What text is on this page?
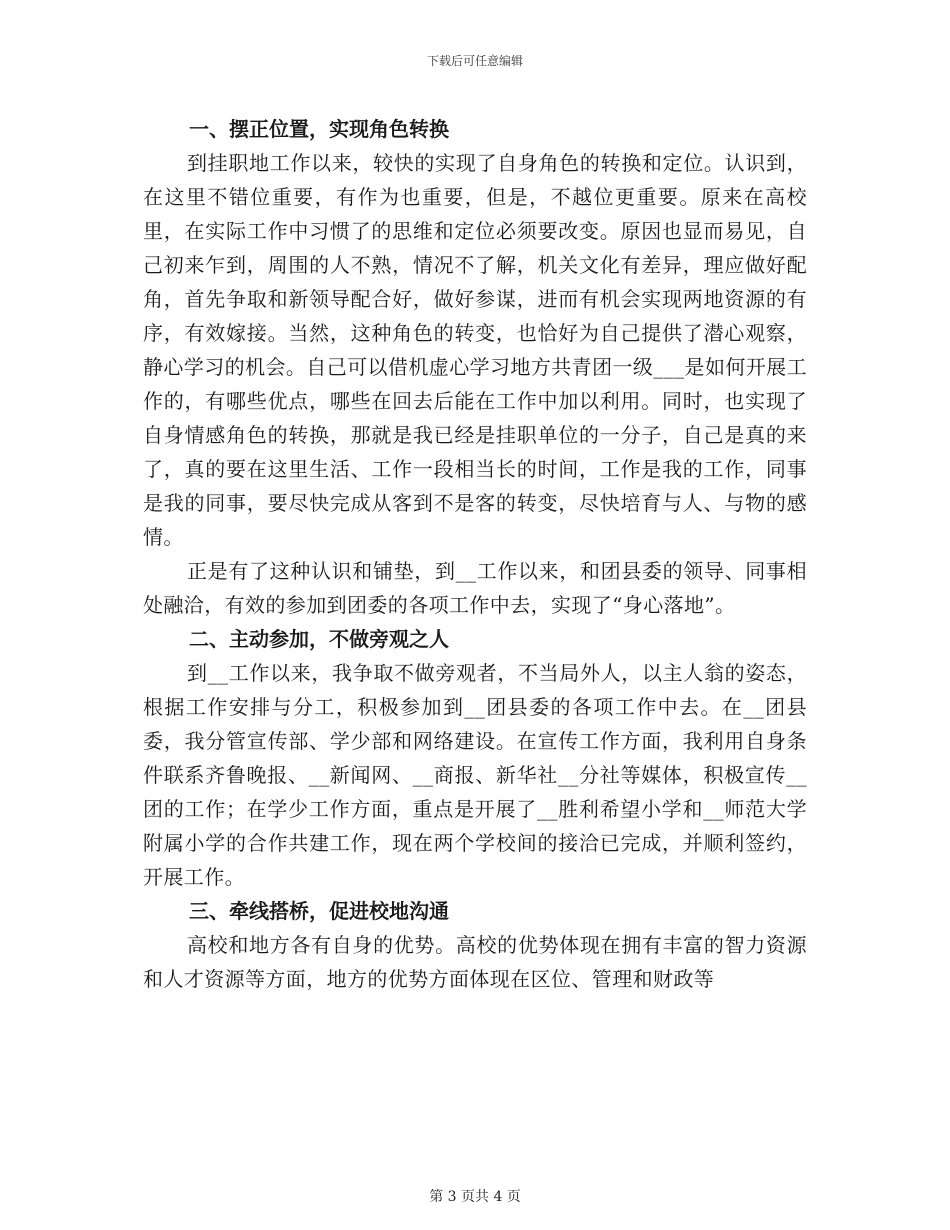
下载后可任意编辑
一、摆正位置，实现角色转换

到挂职地工作以来，较快的实现了自身角色的转换和定位。认识到，在这里不错位重要，有作为也重要，但是，不越位更重要。原来在高校里，在实际工作中习惯了的思维和定位必须要改变。原因也显而易见，自己初来乍到，周围的人不熟，情况不了解，机关文化有差异，理应做好配角，首先争取和新领导配合好，做好参谋，进而有机会实现两地资源的有序，有效嫁接。当然，这种角色的转变，也恰好为自己提供了潜心观察，静心学习的机会。自己可以借机虚心学习地方共青团一级___是如何开展工作的，有哪些优点，哪些在回去后能在工作中加以利用。同时，也实现了自身情感角色的转换，那就是我已经是挂职单位的一分子，自己是真的来了，真的要在这里生活、工作一段相当长的时间，工作是我的工作，同事是我的同事，要尽快完成从客到不是客的转变，尽快培育与人、与物的感情。

正是有了这种认识和铺垫，到__工作以来，和团县委的领导、同事相处融洽，有效的参加到团委的各项工作中去，实现了“身心落地”。

二、主动参加，不做旁观之人

到__工作以来，我争取不做旁观者，不当局外人，以主人翁的姿态，根据工作安排与分工，积极参加到__团县委的各项工作中去。在__团县委，我分管宣传部、学少部和网络建设。在宣传工作方面，我利用自身条件联系齐鲁晚报、__新闻网、__商报、新华社__分社等媒体，积极宣传__团的工作；在学少工作方面，重点是开展了__胜利希望小学和__师范大学附属小学的合作共建工作，现在两个学校间的接洽已完成，并顺利签约，开展工作。

三、牵线搭桥，促进校地沟通

高校和地方各有自身的优势。高校的优势体现在拥有丰富的智力资源和人才资源等方面，地方的优势方面体现在区位、管理和财政等

第 3 页共 4 页
